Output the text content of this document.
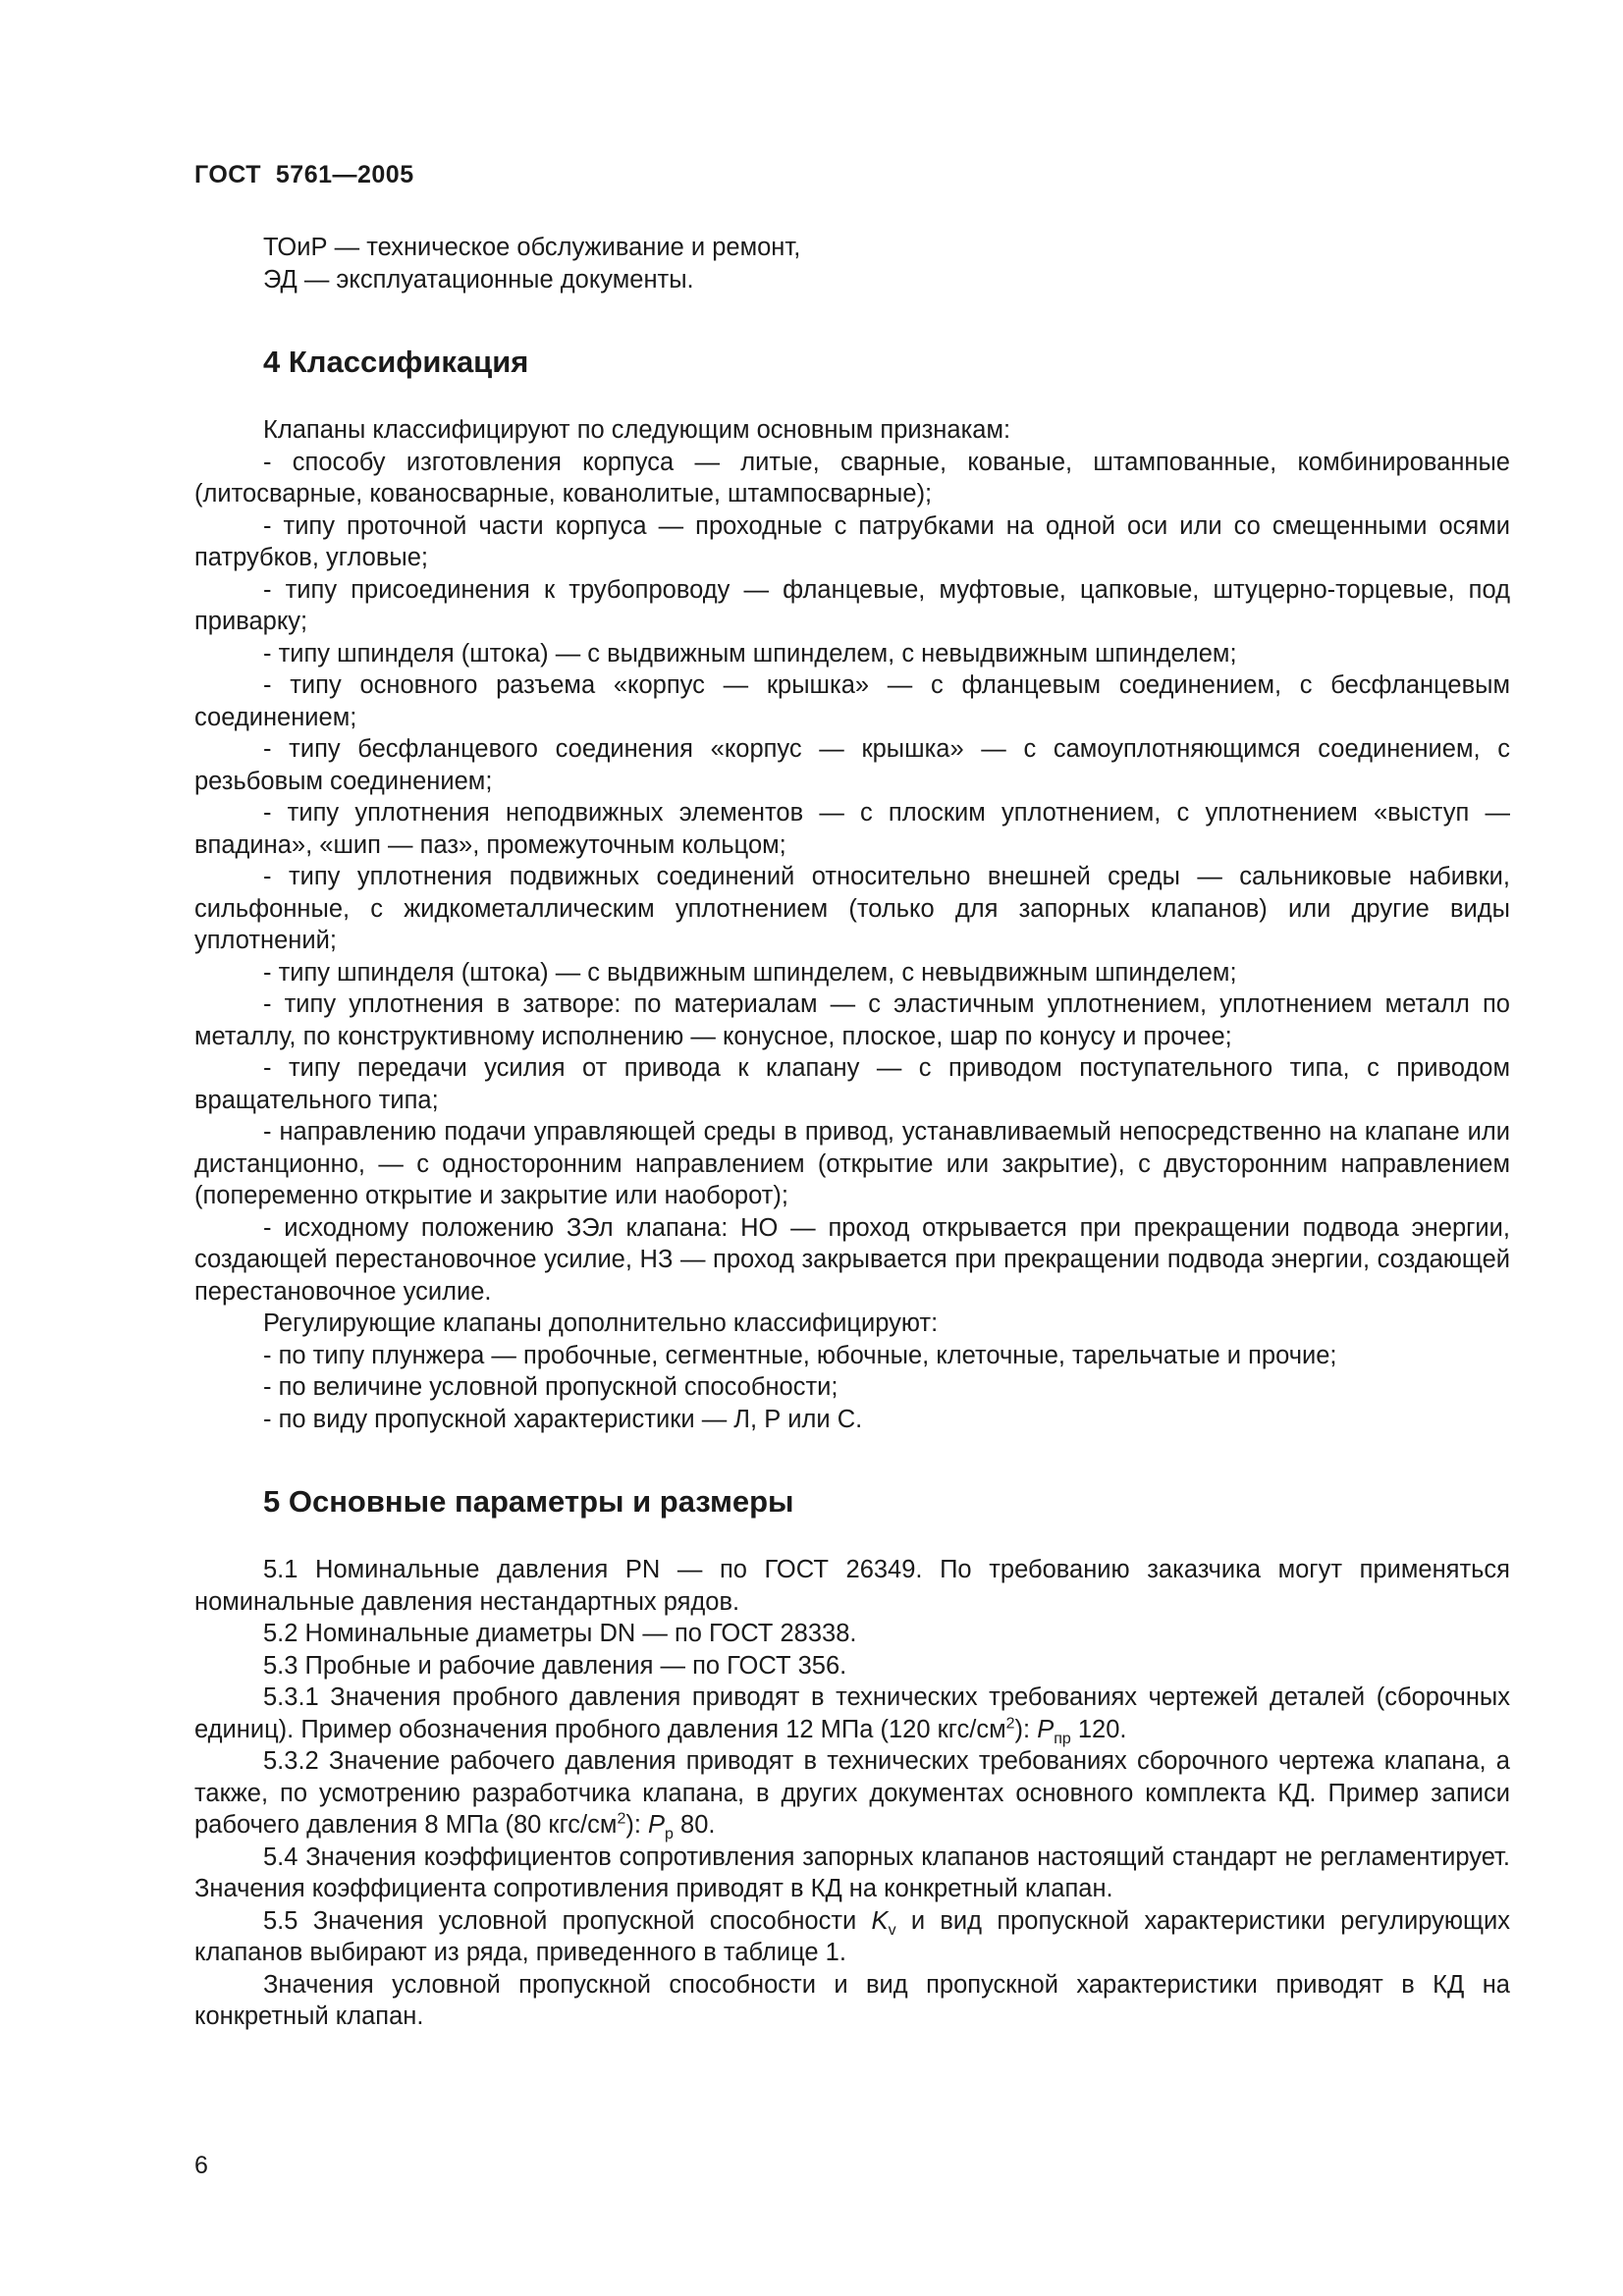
ГОСТ  5761—2005

ТОиР — техническое обслуживание и ремонт,

ЭД — эксплуатационные документы.

4 Классификация

Клапаны классифицируют по следующим основным признакам:

- способу изготовления корпуса — литые, сварные, кованые, штампованные, комбинированные (литосварные, кованосварные, кованолитые, штампосварные);

- типу проточной части корпуса — проходные с патрубками на одной оси или со смещенными осями патрубков, угловые;

- типу присоединения к трубопроводу — фланцевые, муфтовые, цапковые, штуцерно-торцевые, под приварку;

- типу шпинделя (штока) — с выдвижным шпинделем, с невыдвижным шпинделем;

- типу основного разъема «корпус — крышка» — с фланцевым соединением, с бесфланцевым соединением;

- типу бесфланцевого соединения «корпус — крышка» — с самоуплотняющимся соединением, с резьбовым соединением;

- типу уплотнения неподвижных элементов — с плоским уплотнением, с уплотнением «выступ — впадина», «шип — паз», промежуточным кольцом;

- типу уплотнения подвижных соединений относительно внешней среды — сальниковые набивки, сильфонные, с жидкометаллическим уплотнением (только для запорных клапанов) или другие виды уплотнений;

- типу шпинделя (штока) — с выдвижным шпинделем, с невыдвижным шпинделем;

- типу уплотнения в затворе: по материалам — с эластичным уплотнением, уплотнением металл по металлу, по конструктивному исполнению — конусное, плоское, шар по конусу и прочее;

- типу передачи усилия от привода к клапану — с приводом поступательного типа, с приводом вращательного типа;

- направлению подачи управляющей среды в привод, устанавливаемый непосредственно на клапане или дистанционно, — с односторонним направлением (открытие или закрытие), с двусторонним направлением (попеременно открытие и закрытие или наоборот);

- исходному положению ЗЭл клапана: НО — проход открывается при прекращении подвода энергии, создающей перестановочное усилие, НЗ — проход закрывается при прекращении подвода энергии, создающей перестановочное усилие.

Регулирующие клапаны дополнительно классифицируют:

- по типу плунжера — пробочные, сегментные, юбочные, клеточные, тарельчатые и прочие;

- по величине условной пропускной способности;

- по виду пропускной характеристики — Л, Р или С.

5 Основные параметры и размеры

5.1 Номинальные давления PN — по ГОСТ 26349. По требованию заказчика могут применяться номинальные давления нестандартных рядов.

5.2 Номинальные диаметры DN — по ГОСТ 28338.

5.3 Пробные и рабочие давления — по ГОСТ 356.

5.3.1 Значения пробного давления приводят в технических требованиях чертежей деталей (сборочных единиц). Пример обозначения пробного давления 12 МПа (120 кгс/$см^2$): $P_{пр}$ 120.

5.3.2 Значение рабочего давления приводят в технических требованиях сборочного чертежа клапана, а также, по усмотрению разработчика клапана, в других документах основного комплекта КД. Пример записи рабочего давления 8 МПа (80 кгс/$см^2$): $P_р$ 80.

5.4 Значения коэффициентов сопротивления запорных клапанов настоящий стандарт не регламентирует. Значения коэффициента сопротивления приводят в КД на конкретный клапан.

5.5 Значения условной пропускной способности $K_v$ и вид пропускной характеристики регулирующих клапанов выбирают из ряда, приведенного в таблице 1.

Значения условной пропускной способности и вид пропускной характеристики приводят в КД на конкретный клапан.

6
